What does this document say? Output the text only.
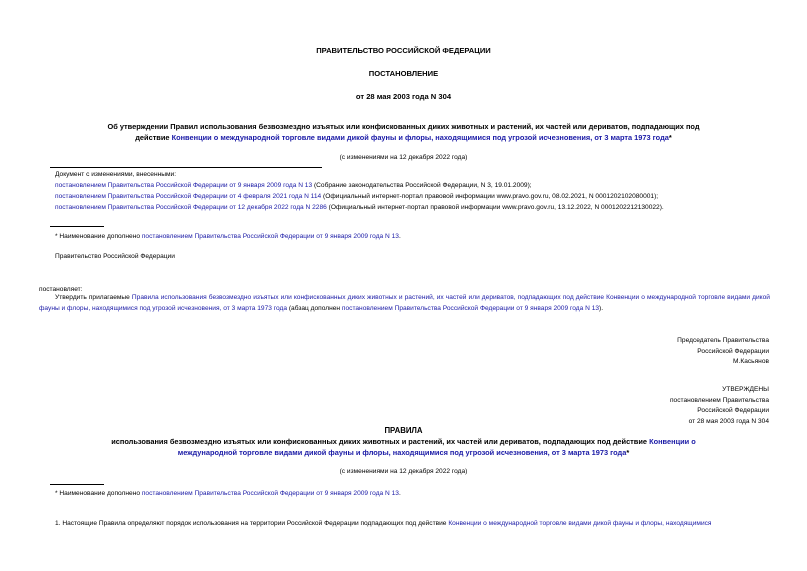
ПРАВИТЕЛЬСТВО РОССИЙСКОЙ ФЕДЕРАЦИИ
ПОСТАНОВЛЕНИЕ
от 28 мая 2003 года N 304
Об утверждении Правил использования безвозмездно изъятых или конфискованных диких животных и растений, их частей или дериватов, подпадающих под
действие Конвенции о международной торговле видами дикой фауны и флоры, находящимися под угрозой исчезновения, от 3 марта 1973 года*
(с изменениями на 12 декабря 2022 года)
Документ с изменениями, внесенными:
постановлением Правительства Российской Федерации от 9 января 2009 года N 13 (Собрание законодательства Российской Федерации, N 3, 19.01.2009);
постановлением Правительства Российской Федерации от 4 февраля 2021 года N 114 (Официальный интернет-портал правовой информации www.pravo.gov.ru, 08.02.2021, N 0001202102080001);
постановлением Правительства Российской Федерации от 12 декабря 2022 года N 2286 (Официальный интернет-портал правовой информации www.pravo.gov.ru, 13.12.2022, N 0001202212130022).
* Наименование дополнено постановлением Правительства Российской Федерации от 9 января 2009 года N 13.
Правительство Российской Федерации
постановляет:
Утвердить прилагаемые Правила использования безвозмездно изъятых или конфискованных диких животных и растений, их частей или дериватов, подпадающих под действие Конвенции о международной торговле видами дикой фауны и флоры, находящимися под угрозой исчезновения, от 3 марта 1973 года (абзац дополнен постановлением Правительства Российской Федерации от 9 января 2009 года N 13).
Председатель Правительства
Российской Федерации
М.Касьянов
УТВЕРЖДЕНЫ
постановлением Правительства
Российской Федерации
от 28 мая 2003 года N 304
ПРАВИЛА
использования безвозмездно изъятых или конфискованных диких животных и растений, их частей или дериватов, подпадающих под действие Конвенции о
международной торговле видами дикой фауны и флоры, находящимися под угрозой исчезновения, от 3 марта 1973 года*
(с изменениями на 12 декабря 2022 года)
* Наименование дополнено постановлением Правительства Российской Федерации от 9 января 2009 года N 13.
1. Настоящие Правила определяют порядок использования на территории Российской Федерации подпадающих под действие Конвенции о международной торговле видами дикой фауны и флоры, находящимися
